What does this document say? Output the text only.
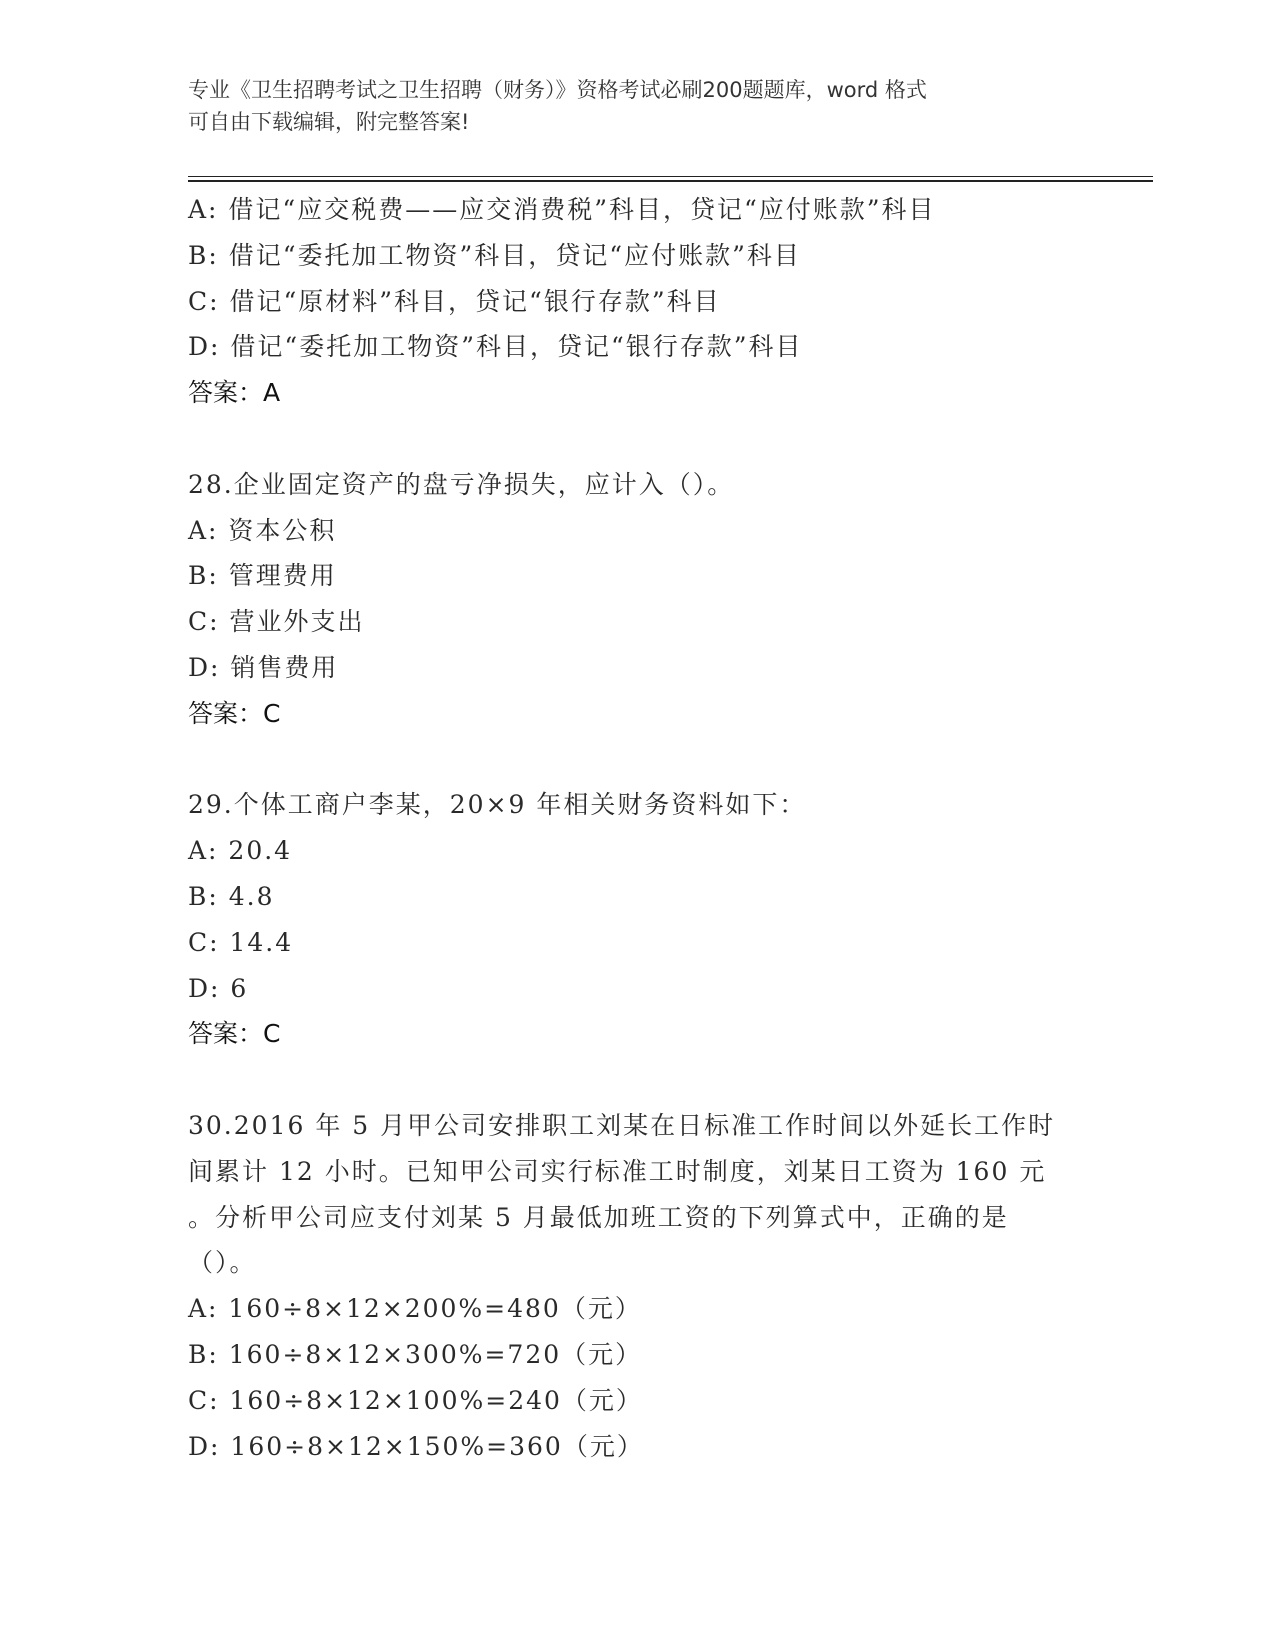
专业《卫生招聘考试之卫生招聘（财务）》资格考试必刷200题题库，word 格式
可自由下载编辑，附完整答案!
A: 借记“应交税费——应交消费税”科目，贷记“应付账款”科目
B: 借记“委托加工物资”科目，贷记“应付账款”科目
C: 借记“原材料”科目，贷记“银行存款”科目
D: 借记“委托加工物资”科目，贷记“银行存款”科目
答案：A
28.企业固定资产的盘亏净损失，应计入（）。
A: 资本公积
B: 管理费用
C: 营业外支出
D: 销售费用
答案：C
29.个体工商户李某，20×9 年相关财务资料如下：
A: 20.4
B: 4.8
C: 14.4
D: 6
答案：C
30.2016 年 5 月甲公司安排职工刘某在日标准工作时间以外延长工作时
间累计 12 小时。已知甲公司实行标准工时制度，刘某日工资为 160 元
。分析甲公司应支付刘某 5 月最低加班工资的下列算式中，正确的是
（）。
A: 160÷8×12×200%=480（元）
B: 160÷8×12×300%=720（元）
C: 160÷8×12×100%=240（元）
D: 160÷8×12×150%=360（元）
